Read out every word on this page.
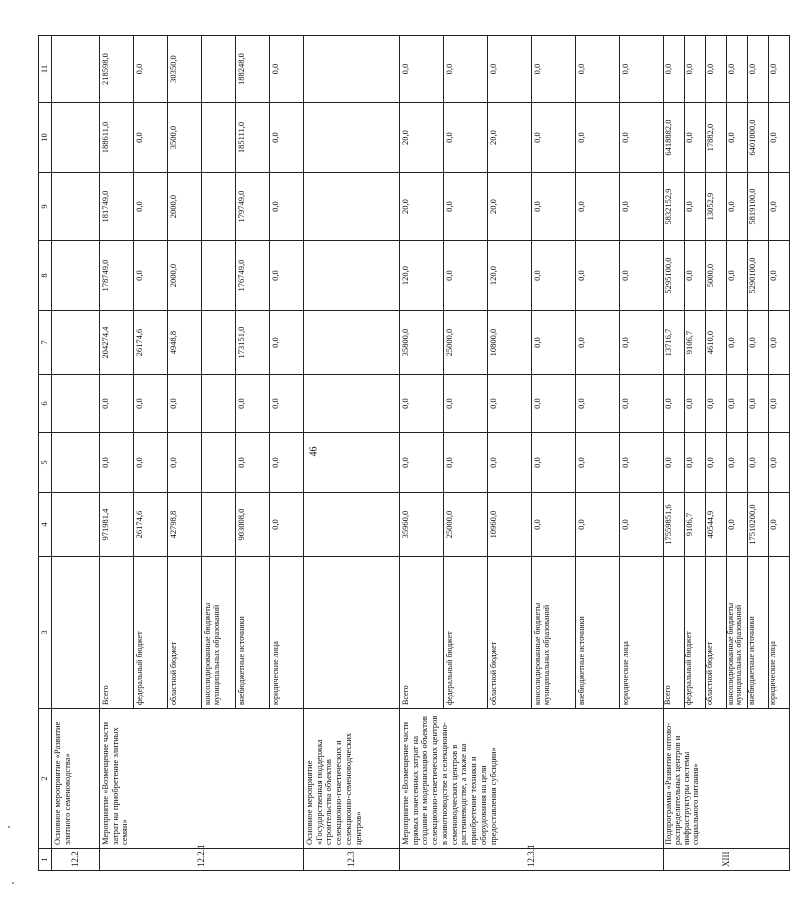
46
1	2	3	4	5	6	7	8	9	10	11
12.2	Основное мероприятие «Развитие элитного семеноводства»									
12.2.1	Мероприятие «Возмещение части затрат на приобретение элитных семян»	Всего	971981,4	0,0	0,0	204274,4	178749,0	181749,0	188611,0	218598,0
		федеральный бюджет	26174,6	0,0	0,0	26174,6	0,0	0,0	0,0	0,0
		областной бюджет	42798,8	0,0	0,0	4948,8	2000,0	2000,0	3500,0	30350,0
		консолидированные бюджеты муниципальных образований								
		внебюджетные источники	903008,0	0,0	0,0	173151,0	176749,0	179749,0	185111,0	188248,0
		юридические лица	0,0	0,0	0,0	0,0	0,0	0,0	0,0	0,0
12.3	Основное мероприятие «Государственная поддержка строительства объектов селекционно-генетических и селекционно-семеноводческих центров»									
12.3.1	Мероприятие «Возмещение части прямых понесенных затрат на создание и модернизацию объектов селекционно-генетических центров в животноводстве и селекционно-семеноводческих центров в растениеводстве, а также на приобретение техники и оборудования на цели предоставления субсидии»	Всего	35960,0	0,0	0,0	35800,0	120,0	20,0	20,0	0,0
		федеральный бюджет	25000,0	0,0	0,0	25000,0	0,0	0,0	0,0	0,0
		областной бюджет	10960,0	0,0	0,0	10800,0	120,0	20,0	20,0	0,0
		консолидированные бюджеты муниципальных образований	0,0	0,0	0,0	0,0	0,0	0,0	0,0	0,0
		внебюджетные источники	0,0	0,0	0,0	0,0	0,0	0,0	0,0	0,0
		юридические лица	0,0	0,0	0,0	0,0	0,0	0,0	0,0	0,0
XIII	Подпрограмма «Развитие оптово-распределительных центров и инфраструктуры системы социального питания»	Всего	17559851,6	0,0	0,0	13716,7	5295100,0	5832152,9	6418882,0	0,0
		федеральный бюджет	9106,7	0,0	0,0	9106,7	0,0	0,0	0,0	0,0
		областной бюджет	40544,9	0,0	0,0	4610,0	5000,0	13052,9	17882,0	0,0
		консолидированные бюджеты муниципальных образований	0,0	0,0	0,0	0,0	0,0	0,0	0,0	0,0
		внебюджетные источники	17510200,0	0,0	0,0	0,0	5290100,0	5819100,0	6401000,0	0,0
		юридические лица	0,0	0,0	0,0	0,0	0,0	0,0	0,0	0,0
